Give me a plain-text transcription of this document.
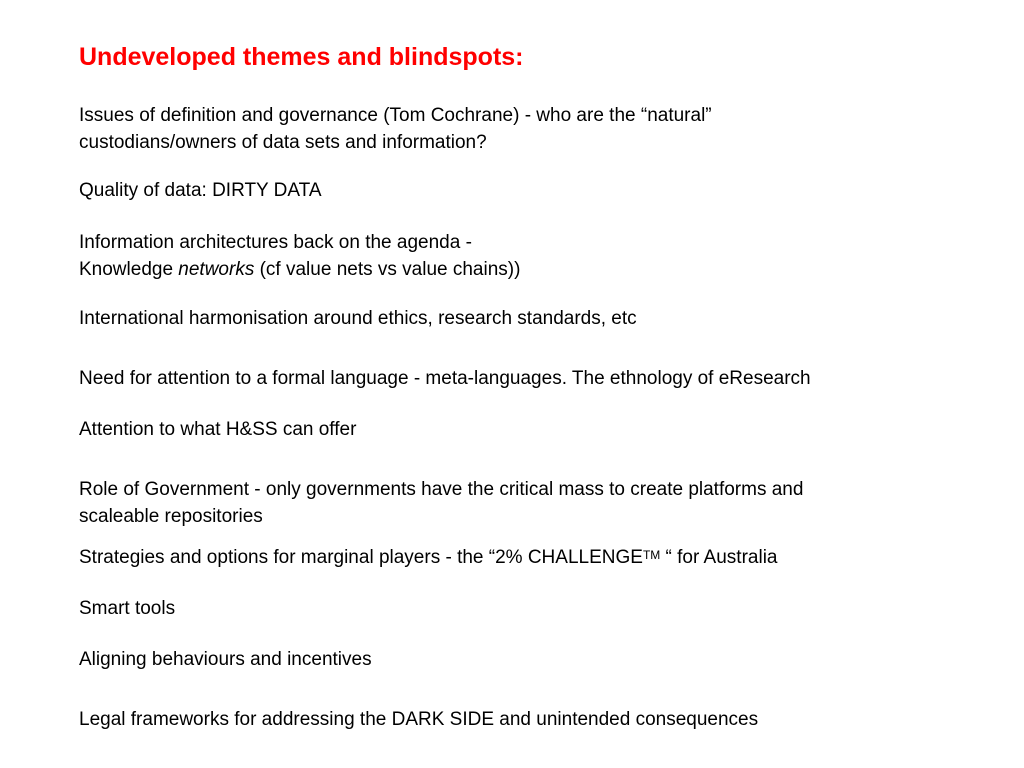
Undeveloped themes and blindspots:
Issues of definition and governance (Tom Cochrane) - who are the “natural”
custodians/owners of data sets and information?
Quality of data: DIRTY DATA
Information architectures back on the agenda -
Knowledge networks (cf value nets vs value chains))
International harmonisation around ethics, research standards, etc
Need for attention to a formal language - meta-languages. The ethnology of eResearch
Attention to what H&SS can offer
Role of Government - only governments have the critical mass to create platforms and
scaleable repositories
Strategies and options for marginal players - the “2% CHALLENGE™ “ for Australia
Smart tools
Aligning behaviours and incentives
Legal frameworks for addressing the DARK SIDE and unintended consequences
